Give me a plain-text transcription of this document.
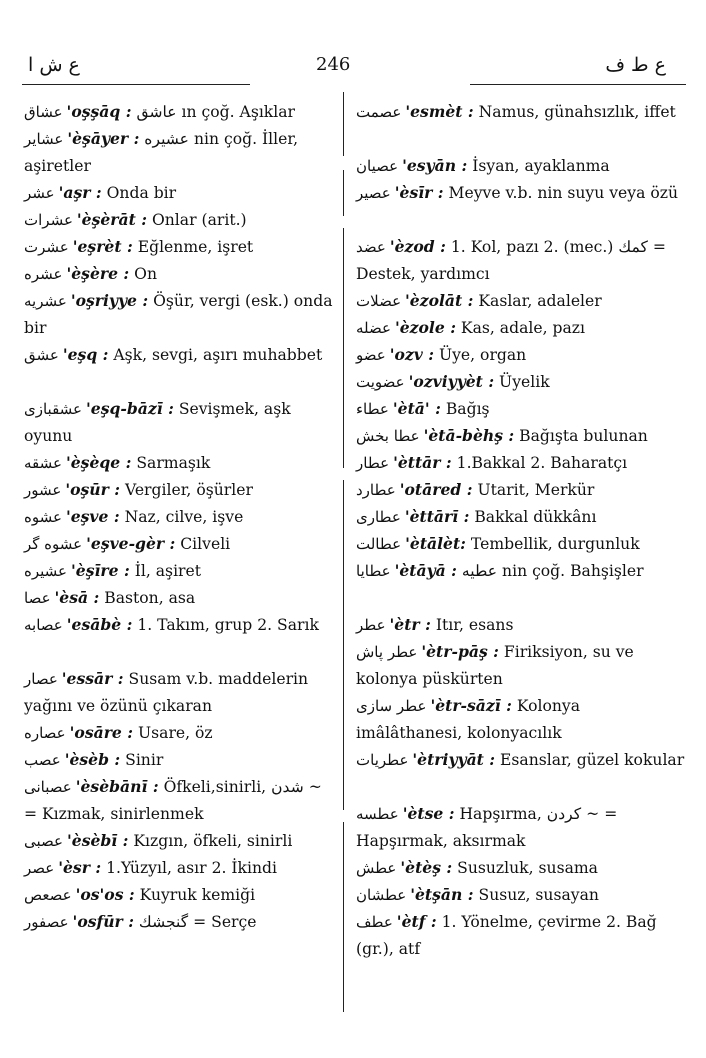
ع ش ا	246	ع ط ف
عشاق 'oşşāq : عاشق ın çoğ. Aşıklar
عشاير 'èşāyer : عشيره nin çoğ. İller, aşiretler
عشر 'aşr : Onda bir
عشرات 'èşèrāt : Onlar (arit.)
عشرت 'eşrèt : Eğlenme, işret
عشره 'èşère : On
عشريه 'oşriyye : Öşür, vergi (esk.) onda bir
عشق 'eşq : Aşk, sevgi, aşırı muhabbet
عشقبازى 'eşq-bāzī : Sevişmek, aşk oyunu
عشقه 'èşèqe : Sarmaşık
عشور 'oşūr : Vergiler, öşürler
عشوه 'eşve : Naz, cilve, işve
عشوه گر 'eşve-gèr : Cilveli
عشيره 'èşīre : İl, aşiret
عصا 'èsā : Baston, asa
عصابه 'esābè : 1. Takım, grup 2. Sarık
عصار 'essār : Susam v.b. maddelerin yağını ve özünü çıkaran
عصاره 'osāre : Usare, öz
عصب 'èsèb : Sinir
عصبانى 'èsèbānī : Öfkeli,sinirli, شدن ~ = Kızmak, sinirlenmek
عصبى 'èsèbī : Kızgın, öfkeli, sinirli
عصر 'èsr : 1.Yüzyıl, asır 2. İkindi
عصعص 'os'os : Kuyruk kemiği
عصفور 'osfūr : گنجشك = Serçe
عصمت 'esmèt : Namus, günahsızlık, iffet
عصيان 'esyān : İsyan, ayaklanma
عصير 'èsīr : Meyve v.b. nin suyu veya özü
عضد 'èzod : 1. Kol, pazı 2. (mec.) كمك = Destek, yardımcı
عضلات 'èzolāt : Kaslar, adaleler
عضله 'èzole : Kas, adale, pazı
عضو 'ozv : Üye, organ
عضويت 'ozviyyèt : Üyelik
عطاء 'ètā' : Bağış
عطا بخش 'ètā-bèhş : Bağışta bulunan
عطار 'èttār : 1.Bakkal 2. Baharatçı
عطارد 'otāred : Utarit, Merkür
عطارى 'èttārī : Bakkal dükkânı
عطالت 'ètālèt: Tembellik, durgunluk
عطايا 'ètāyā : عطيه nin çoğ. Bahşişler
عطر 'ètr : Itır, esans
عطر پاش 'ètr-pāş : Firiksiyon, su ve kolonya püskürten
عطر سازى 'ètr-sāzī : Kolonya imâlâthanesi, kolonyacılık
عطريات 'ètriyyāt : Esanslar, güzel kokular
عطسه 'ètse : Hapşırma, كردن ~ = Hapşırmak, aksırmak
عطش 'ètèş : Susuzluk, susama
عطشان 'ètşān : Susuz, susayan
عطف 'ètf : 1. Yönelme, çevirme 2. Bağ (gr.), atf
